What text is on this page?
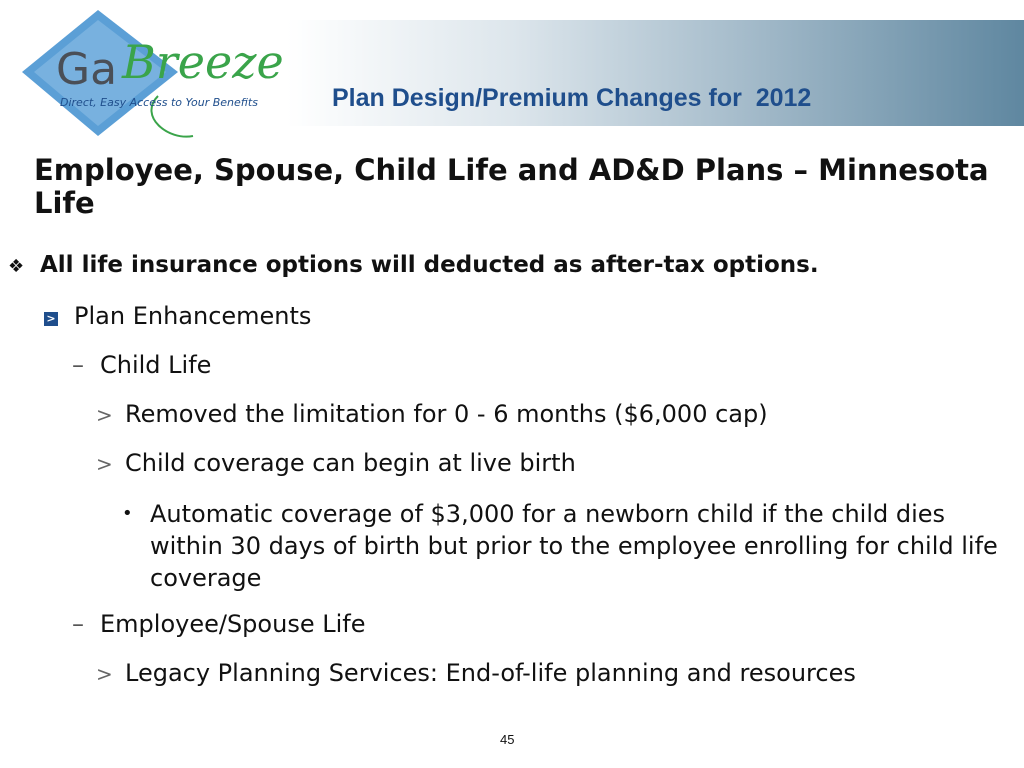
Ga Breeze
Direct, Easy Access to Your Benefits	Plan Design/Premium Changes for  2012
Employee, Spouse, Child Life and AD&D Plans – Minnesota Life
❖ All life insurance options will deducted as after-tax options.
> Plan Enhancements
– Child Life
> Removed the limitation for 0 - 6 months ($6,000 cap)
> Child coverage can begin at live birth
• Automatic coverage of $3,000 for a newborn child if the child dies within 30 days of birth but prior to the employee enrolling for child life coverage
– Employee/Spouse Life
> Legacy Planning Services: End-of-life planning and resources
45
